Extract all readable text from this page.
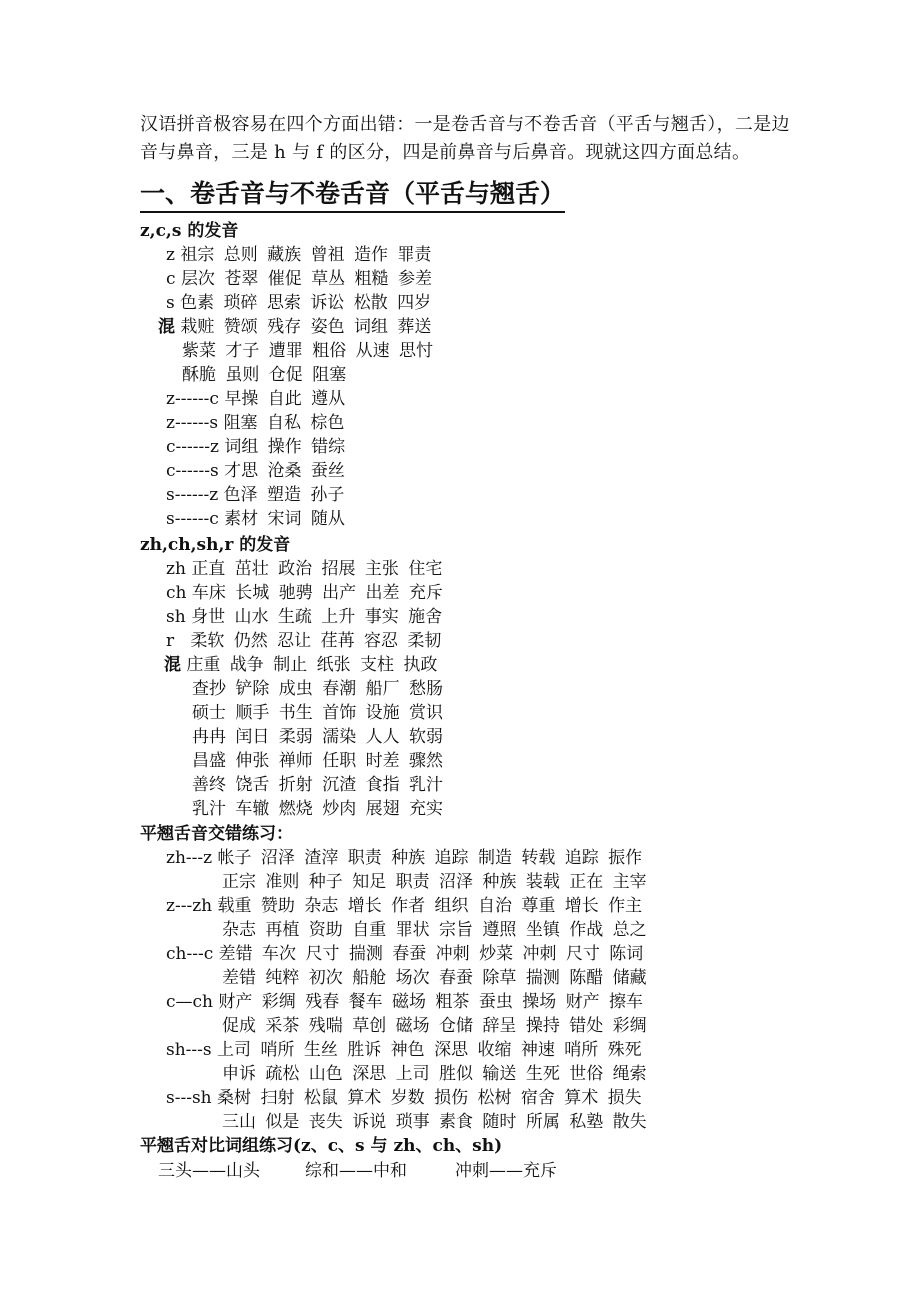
汉语拼音极容易在四个方面出错：一是卷舌音与不卷舌音（平舌与翘舌），二是边音与鼻音，三是 h 与 f 的区分，四是前鼻音与后鼻音。现就这四方面总结。
一、卷舌音与不卷舌音（平舌与翘舌）
z,c,s 的发音
z 祖宗 总则 藏族 曾祖 造作 罪责
c 层次 苍翠 催促 草丛 粗糙 参差
s 色素 琐碎 思索 诉讼 松散 四岁
混 栽赃 赞颂 残存 姿色 词组 葬送
紫菜 才子 遭罪 粗俗 从速 思忖
酥脆 虽则 仓促 阻塞
z------c 早操 自此 遵从
z------s 阻塞 自私 棕色
c------z 词组 操作 错综
c------s 才思 沧桑 蚕丝
s------z 色泽 塑造 孙子
s------c 素材 宋词 随从
zh,ch,sh,r 的发音
zh 正直 茁壮 政治 招展 主张 住宅
ch 车床 长城 驰骋 出产 出差 充斥
sh 身世 山水 生疏 上升 事实 施舍
r 柔软 仍然 忍让 荏苒 容忍 柔韧
混 庄重 战争 制止 纸张 支柱 执政
查抄 铲除 成虫 春潮 船厂 愁肠
硕士 顺手 书生 首饰 设施 赏识
冉冉 闰日 柔弱 濡染 人人 软弱
昌盛 伸张 禅师 任职 时差 骤然
善终 饶舌 折射 沉渣 食指 乳汁
乳汁 车辙 燃烧 炒肉 展翅 充实
平翘舌音交错练习：
zh---z 帐子 沼泽 渣滓 职责 种族 追踪 制造 转载 追踪 振作
正宗 准则 种子 知足 职责 沼泽 种族 装载 正在 主宰
z---zh 载重 赞助 杂志 增长 作者 组织 自治 尊重 增长 作主
杂志 再植 资助 自重 罪状 宗旨 遵照 坐镇 作战 总之
ch---c 差错 车次 尺寸 揣测 春蚕 冲刺 炒菜 冲刺 尺寸 陈词
差错 纯粹 初次 船舱 场次 春蚕 除草 揣测 陈醋 储藏
c—ch 财产 彩绸 残春 餐车 磁场 粗茶 蚕虫 操场 财产 擦车
促成 采茶 残喘 草创 磁场 仓储 辞呈 操持 错处 彩绸
sh---s 上司 哨所 生丝 胜诉 神色 深思 收缩 神速 哨所 殊死
申诉 疏松 山色 深思 上司 胜似 输送 生死 世俗 绳索
s---sh 桑树 扫射 松鼠 算术 岁数 损伤 松树 宿舍 算术 损失
三山 似是 丧失 诉说 琐事 素食 随时 所属 私塾 散失
平翘舌对比词组练习(z、c、s 与 zh、ch、sh)
三头——山头	综和——中和	冲刺——充斥
